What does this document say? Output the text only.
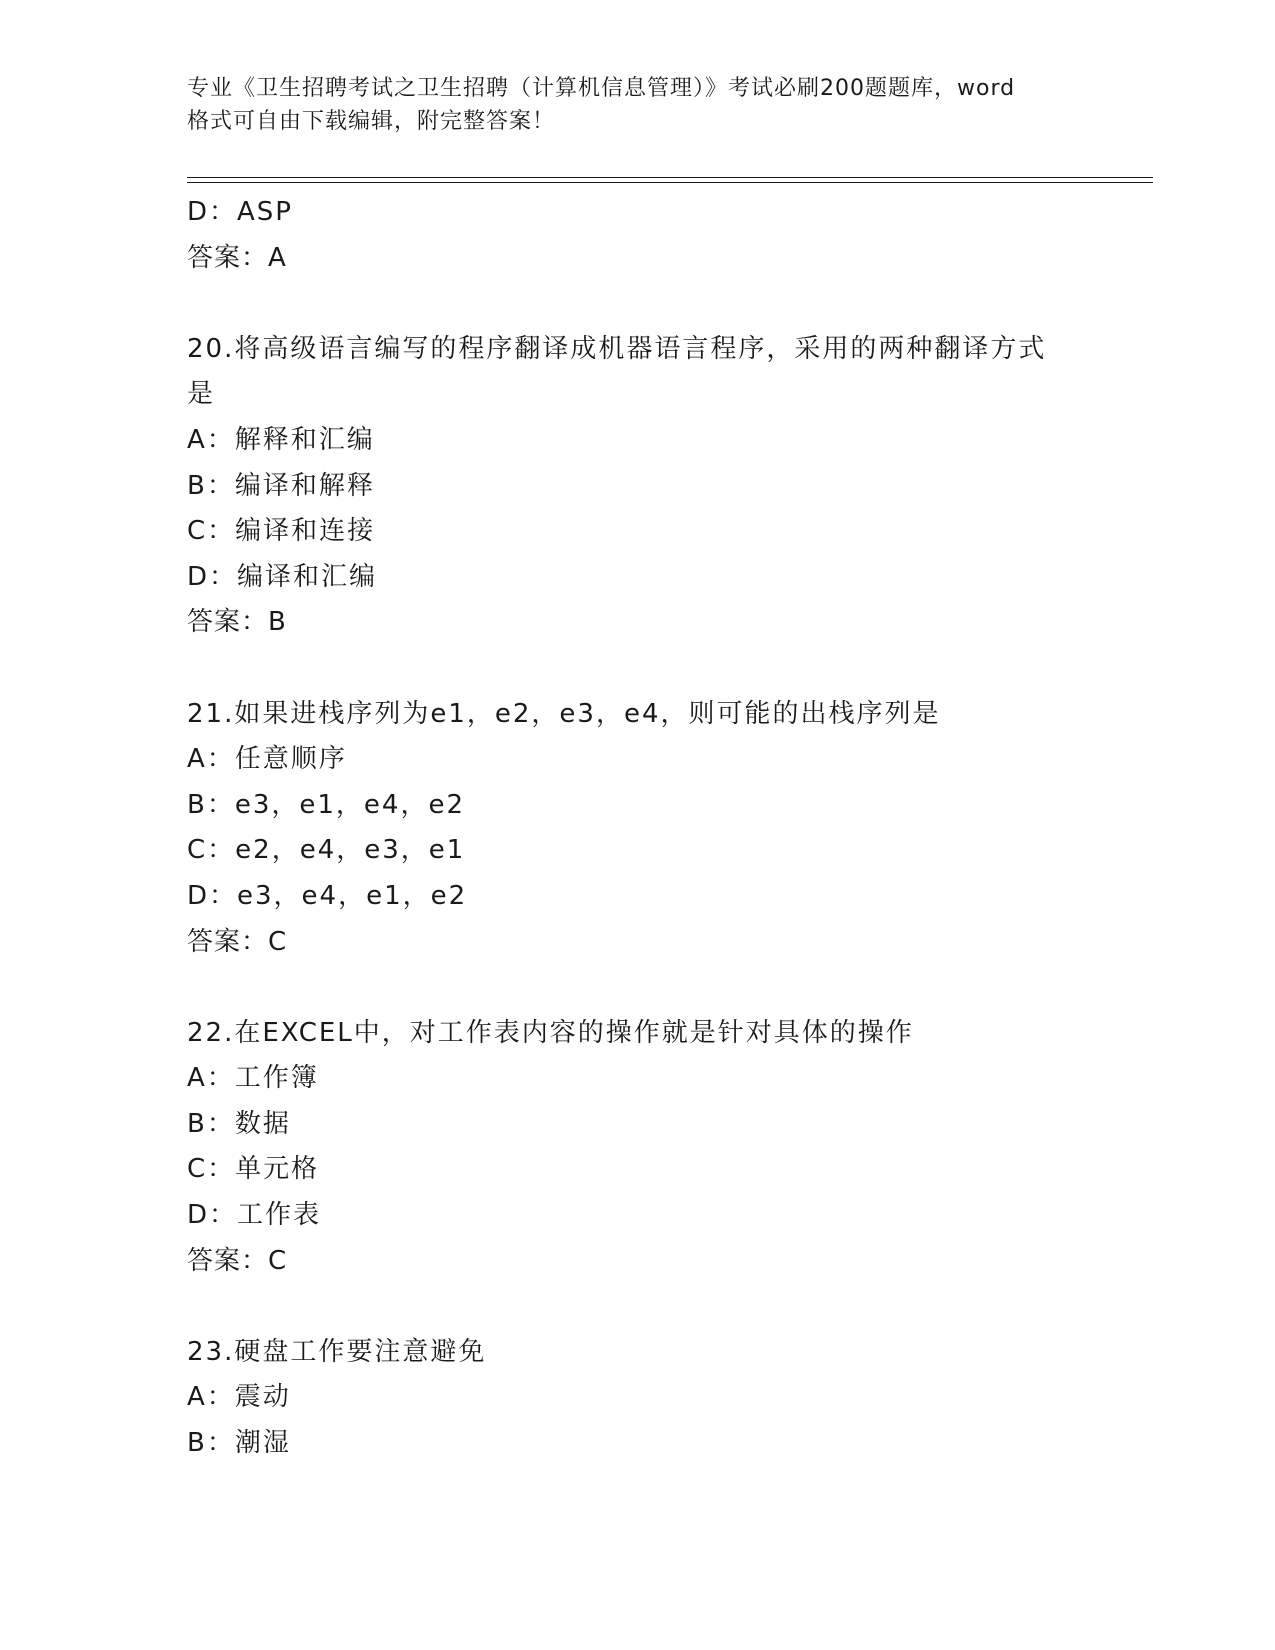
专业《卫生招聘考试之卫生招聘（计算机信息管理）》考试必刷200题题库，word
格式可自由下载编辑，附完整答案！
D：ASP
答案：A
20.将高级语言编写的程序翻译成机器语言程序，采用的两种翻译方式
是
A：解释和汇编
B：编译和解释
C：编译和连接
D：编译和汇编
答案：B
21.如果进栈序列为e1，e2，e3，e4，则可能的出栈序列是
A：任意顺序
B：e3，e1，e4，e2
C：e2，e4，e3，e1
D：e3，e4，e1，e2
答案：C
22.在EXCEL中，对工作表内容的操作就是针对具体的操作
A：工作簿
B：数据
C：单元格
D：工作表
答案：C
23.硬盘工作要注意避免
A：震动
B：潮湿
